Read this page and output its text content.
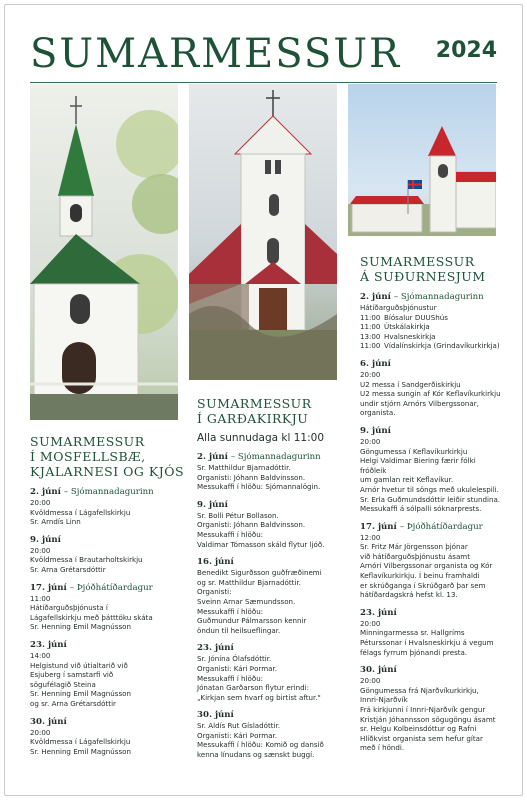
SUMARMESSUR 2024
SUMARMESSUR
Í MOSFELLSBÆ,
KJALARNESI OG KJÓS
2. júní – Sjómannadagurinn
20:00
Kvöldmessa í Lágafellskirkju
Sr. Arndís Linn
9. júní
20:00
Kvöldmessa í Brautarholtskirkju
Sr. Arna Grétarsdóttir
17. júní – Þjóðhátíðardagur
11:00
Hátíðarguðsþjónusta í
Lágafellskirkju með þátttöku skáta
Sr. Henning Emil Magnússon
23. júní
14:00
Helgistund við útialtarið við
Esjuberg í samstarfi við
söguféIagið Steina
Sr. Henning Emil Magnússon
og sr. Arna Grétarsdóttir
30. júní
20:00
Kvöldmessa í Lágafellskirkju
Sr. Henning Emil Magnússon
SUMARMESSUR
Í GARÐAKIRKJU
Alla sunnudaga kl 11:00
2. júní – Sjómannadagurinn
Sr. Matthildur Bjarnadóttir.
Organisti: Jóhann Baldvinsson.
Messukaffi í hlöðu: Sjómannalögin.
9. júní
Sr. Bolli Pétur Bollason.
Organisti: Jóhann Baldvinsson.
Messukaffi í hlöðu:
Valdimar Tómasson skáld flytur ljóð.
16. júní
Benedikt Sigurðsson guðfræðinemi
og sr. Matthildur Bjarnadóttir.
Organisti:
Sveinn Arnar Sæmundsson.
Messukaffi í hlöðu:
Guðmundur Pálmarsson kennir
öndun til heilsueflingar.
23. júní
Sr. Jónína Ólafsdóttir.
Organisti: Kári Þormar.
Messukaffi í hlöðu:
Jónatan Garðarson flytur erindi:
„Kirkjan sem hvarf og birtist aftur."
30. júní
Sr. Aldís Rut Gísladóttir.
Organisti: Kári Þormar.
Messukaffi í hlöðu: Komið og dansið
kenna línudans og sænskt buggí.
SUMARMESSUR
Á SUÐURNESJUM
2. júní – Sjómannadagurinn
Hátíðarguðsþjónustur
11:00 Bíósalur DUUShús
11:00 Útskálakirkja
13:00 Hvalsneskirkja
11:00 Vídalínskirkja (Grindavíkurkirkja)
6. júní
20:00
U2 messa í Sandgerðiskirkju
U2 messa sungin af Kór Keflavíkurkirkju
undir stjórn Arnórs Vilbergssonar,
organista.
9. júní
20:00
Göngumessa í Keflavíkurkirkju
Helgi Valdimar Biering færir fólki fróðleik
um gamlan reit Keflavíkur.
Arnór hvetur til söngs með ukulelespili.
Sr. Erla Guðmundsdóttir leiðir stundina.
Messukaffi á sólpalli sóknarprests.
17. júní – Þjóðhátíðardagur
12:00
Sr. Fritz Már Jörgensson þjónar
við hátíðarguðsþjónustu ásamt
Arnóri Vilbergssonar organista og Kór
Keflavíkurkirkju. Í beinu framhaldi
er skrúðganga í Skrúðgarð þar sem
hátíðardagskrá hefst kl. 13.
23. júní
20:00
Minningarmessa sr. Hallgríms
Péturssonar í Hvalsneskirkju á vegum
félags fyrrum þjónandi presta.
30. júní
20:00
Göngumessa frá Njarðvíkurkirkju,
Innri-Njarðvík
Frá kirkjunni í Innri-Njarðvík gengur
Kristján Jóhannsson sögugöngu ásamt
sr. Helgu Kolbeinsdóttur og Rafni
Hlíðkvist organista sem hefur gítar
með í höndi.
